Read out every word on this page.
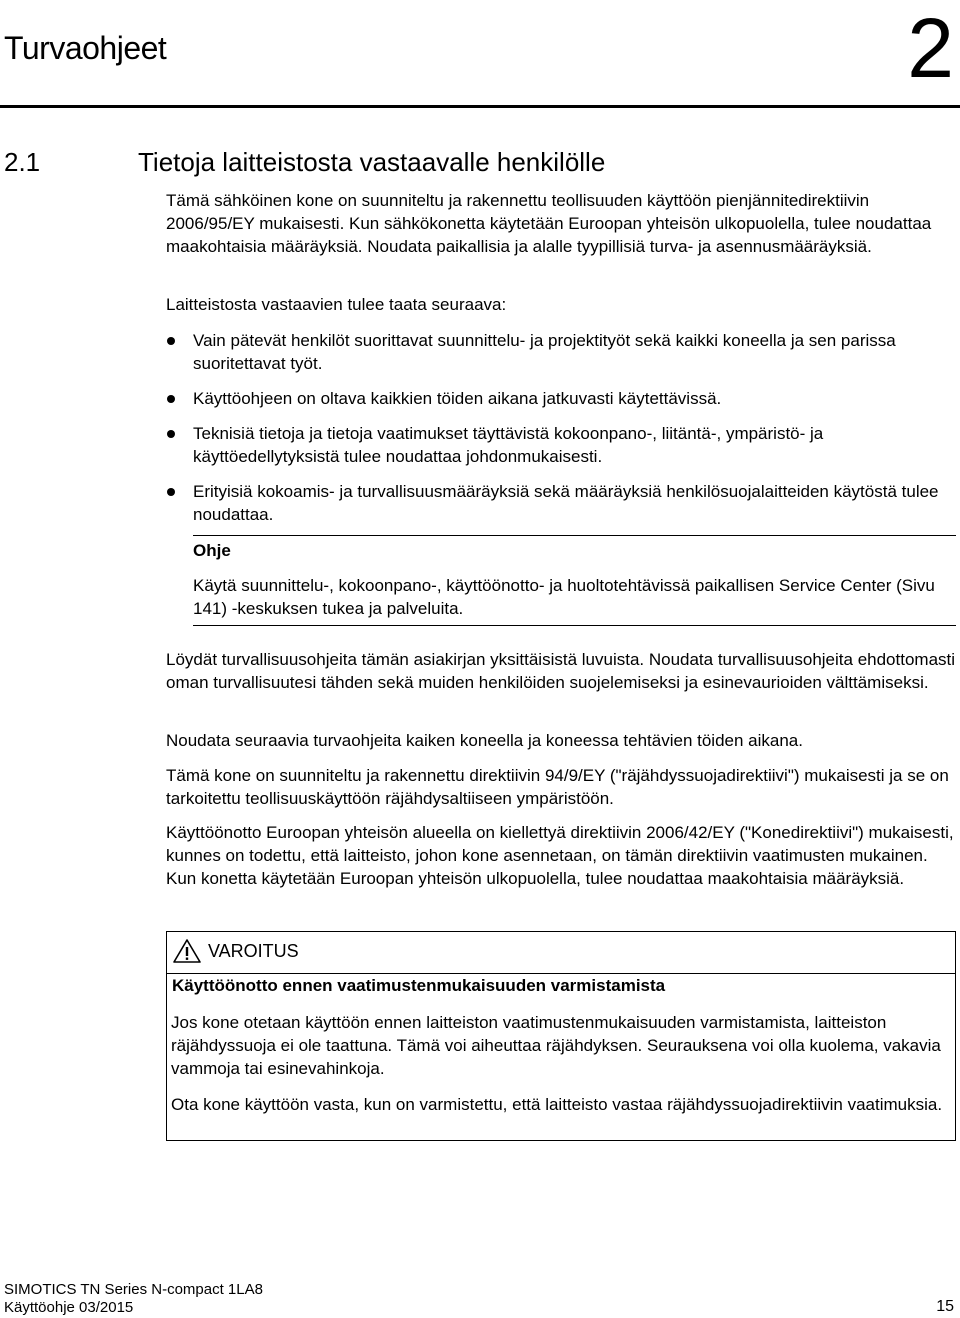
Turvaohjeet	2
2.1	Tietoja laitteistosta vastaavalle henkilölle

Tämä sähköinen kone on suunniteltu ja rakennettu teollisuuden käyttöön pienjännitedirektiivin 2006/95/EY mukaisesti. Kun sähkökonetta käytetään Euroopan yhteisön ulkopuolella, tulee noudattaa maakohtaisia määräyksiä. Noudata paikallisia ja alalle tyypillisiä turva- ja asennusmääräyksiä.

Laitteistosta vastaavien tulee taata seuraava:

Vain pätevät henkilöt suorittavat suunnittelu- ja projektityöt sekä kaikki koneella ja sen parissa suoritettavat työt.
Käyttöohjeen on oltava kaikkien töiden aikana jatkuvasti käytettävissä.
Teknisiä tietoja ja tietoja vaatimukset täyttävistä kokoonpano-, liitäntä-, ympäristö- ja käyttöedellytyksistä tulee noudattaa johdonmukaisesti.
Erityisiä kokoamis- ja turvallisuusmääräyksiä sekä määräyksiä henkilösuojalaitteiden käytöstä tulee noudattaa.
Ohje
Käytä suunnittelu-, kokoonpano-, käyttöönotto- ja huoltotehtävissä paikallisen Service Center (Sivu 141) -keskuksen tukea ja palveluita.
Löydät turvallisuusohjeita tämän asiakirjan yksittäisistä luvuista. Noudata turvallisuusohjeita ehdottomasti oman turvallisuutesi tähden sekä muiden henkilöiden suojelemiseksi ja esinevaurioiden välttämiseksi.
Noudata seuraavia turvaohjeita kaiken koneella ja koneessa tehtävien töiden aikana.
Tämä kone on suunniteltu ja rakennettu direktiivin 94/9/EY ("räjähdyssuojadirektiivi") mukaisesti ja se on tarkoitettu teollisuuskäyttöön räjähdysaltiiseen ympäristöön.
Käyttöönotto Euroopan yhteisön alueella on kiellettyä direktiivin 2006/42/EY ("Konedirektiivi") mukaisesti, kunnes on todettu, että laitteisto, johon kone asennetaan, on tämän direktiivin vaatimusten mukainen. Kun konetta käytetään Euroopan yhteisön ulkopuolella, tulee noudattaa maakohtaisia määräyksiä.
VAROITUS
Käyttöönotto ennen vaatimustenmukaisuuden varmistamista

Jos kone otetaan käyttöön ennen laitteiston vaatimustenmukaisuuden varmistamista, laitteiston räjähdyssuoja ei ole taattuna. Tämä voi aiheuttaa räjähdyksen. Seurauksena voi olla kuolema, vakavia vammoja tai esinevahinkoja.

Ota kone käyttöön vasta, kun on varmistettu, että laitteisto vastaa räjähdyssuojadirektiivin vaatimuksia.

SIMOTICS TN Series N-compact 1LA8
Käyttöohje 03/2015	15
